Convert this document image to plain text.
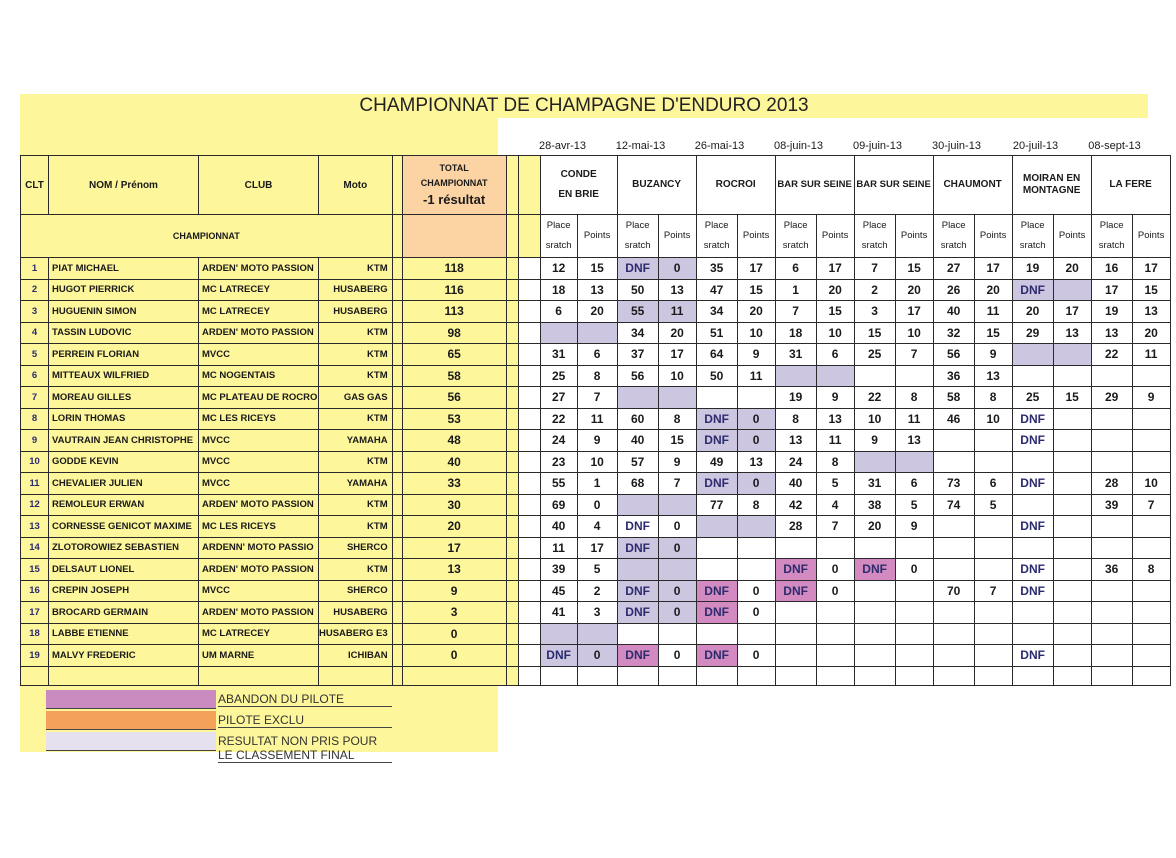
CHAMPIONNAT DE CHAMPAGNE D'ENDURO 2013
28-avr-13	12-mai-13	26-mai-13	08-juin-13	09-juin-13	30-juin-13	20-juil-13	08-sept-13
CLT	NOM / Prénom	CLUB	Moto		TOTAL
CHAMPIONNAT
-1 résultat			CONDE EN BRIE		BUZANCY		ROCROI		BAR SUR SEINE		BAR SUR SEINE		CHAUMONT		MOIRAN EN MONTAGNE		LA FERE	
CHAMPIONNAT								Place sratch	Points	Place sratch	Points	Place sratch	Points	Place sratch	Points	Place sratch	Points	Place sratch	Points	Place sratch	Points	Place sratch	Points
1	PIAT MICHAEL	ARDEN' MOTO PASSION	KTM		118			12	15	DNF	0	35	17	6	17	7	15	27	17	19	20	16	17
2	HUGOT PIERRICK	MC LATRECEY	HUSABERG		116			18	13	50	13	47	15	1	20	2	20	26	20	DNF		17	15
3	HUGUENIN SIMON	MC LATRECEY	HUSABERG		113			6	20	55	11	34	20	7	15	3	17	40	11	20	17	19	13
4	TASSIN LUDOVIC	ARDEN' MOTO PASSION	KTM		98					34	20	51	10	18	10	15	10	32	15	29	13	13	20
5	PERREIN FLORIAN	MVCC	KTM		65			31	6	37	17	64	9	31	6	25	7	56	9			22	11
6	MITTEAUX WILFRIED	MC NOGENTAIS	KTM		58			25	8	56	10	50	11					36	13				
7	MOREAU GILLES	MC PLATEAU DE ROCRO	GAS GAS		56			27	7					19	9	22	8	58	8	25	15	29	9
8	LORIN THOMAS	MC LES RICEYS	KTM		53			22	11	60	8	DNF	0	8	13	10	11	46	10	DNF			
9	VAUTRAIN JEAN CHRISTOPHE	MVCC	YAMAHA		48			24	9	40	15	DNF	0	13	11	9	13			DNF			
10	GODDE KEVIN	MVCC	KTM		40			23	10	57	9	49	13	24	8								
11	CHEVALIER JULIEN	MVCC	YAMAHA		33			55	1	68	7	DNF	0	40	5	31	6	73	6	DNF		28	10
12	REMOLEUR ERWAN	ARDEN' MOTO PASSION	KTM		30			69	0			77	8	42	4	38	5	74	5			39	7
13	CORNESSE GENICOT MAXIME	MC LES RICEYS	KTM		20			40	4	DNF	0			28	7	20	9			DNF			
14	ZLOTOROWIEZ SEBASTIEN	ARDENN' MOTO PASSIO	SHERCO		17			11	17	DNF	0												
15	DELSAUT LIONEL	ARDEN' MOTO PASSION	KTM		13			39	5					DNF	0	DNF	0			DNF		36	8
16	CREPIN JOSEPH	MVCC	SHERCO		9			45	2	DNF	0	DNF	0	DNF	0			70	7	DNF			
17	BROCARD GERMAIN	ARDEN' MOTO PASSION	HUSABERG		3			41	3	DNF	0	DNF	0										
18	LABBE ETIENNE	MC LATRECEY	HUSABERG E3		0																		
19	MALVY FREDERIC	UM MARNE	ICHIBAN		0			DNF	0	DNF	0	DNF	0							DNF			

ABANDON DU PILOTE
PILOTE EXCLU
RESULTAT NON PRIS POUR LE CLASSEMENT FINAL
